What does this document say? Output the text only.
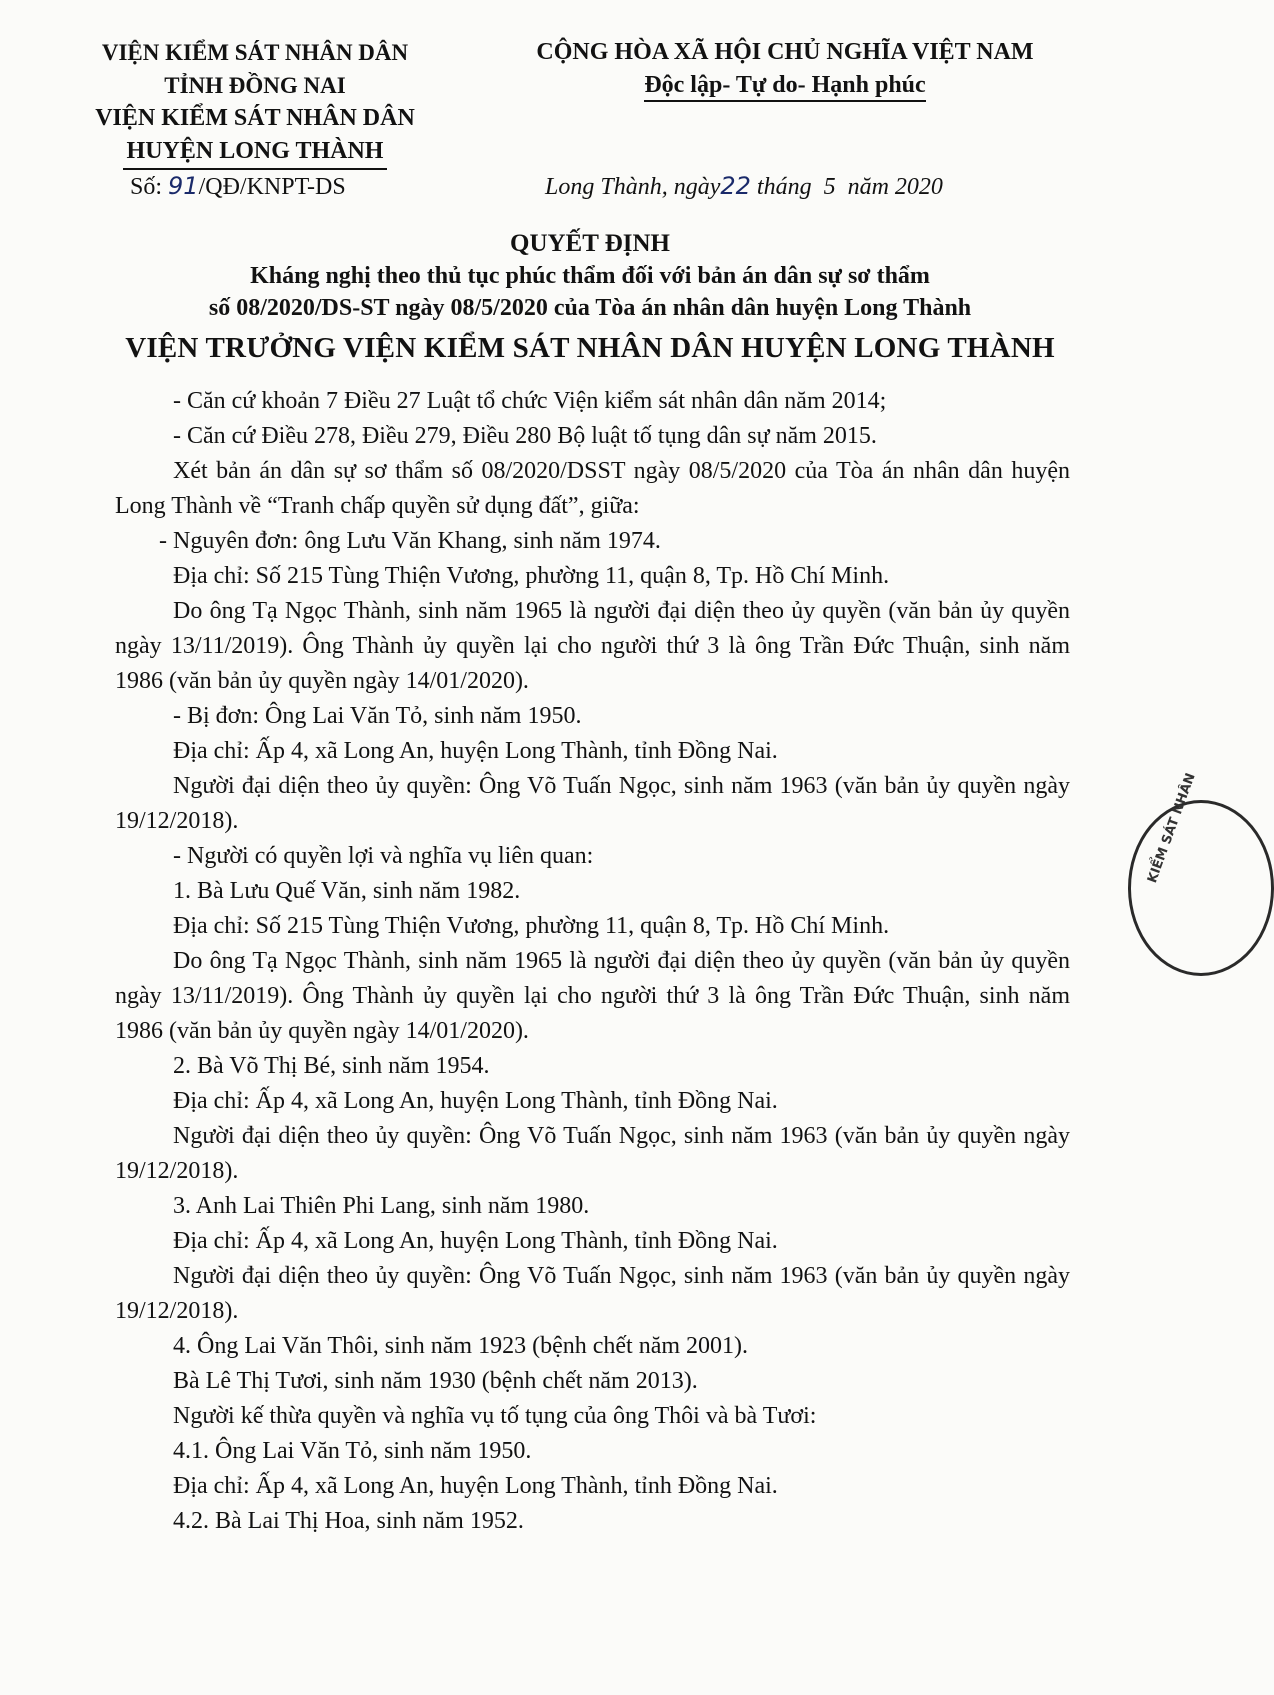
VIỆN KIỂM SÁT NHÂN DÂN
TỈNH ĐỒNG NAI
VIỆN KIỂM SÁT NHÂN DÂN
HUYỆN LONG THÀNH
CỘNG HÒA XÃ HỘI CHỦ NGHĨA VIỆT NAM
Độc lập- Tự do- Hạnh phúc
Số: 91/QĐ/KNPT-DS	Long Thành, ngày22 tháng 5 năm 2020
QUYẾT ĐỊNH
Kháng nghị theo thủ tục phúc thẩm đối với bản án dân sự sơ thẩm
số 08/2020/DS-ST ngày 08/5/2020 của Tòa án nhân dân huyện Long Thành
VIỆN TRƯỞNG VIỆN KIỂM SÁT NHÂN DÂN HUYỆN LONG THÀNH

- Căn cứ khoản 7 Điều 27 Luật tổ chức Viện kiểm sát nhân dân năm 2014;

- Căn cứ Điều 278, Điều 279, Điều 280 Bộ luật tố tụng dân sự năm 2015.

Xét bản án dân sự sơ thẩm số 08/2020/DSST ngày 08/5/2020 của Tòa án nhân dân huyện Long Thành về “Tranh chấp quyền sử dụng đất”, giữa:

- Nguyên đơn: ông Lưu Văn Khang, sinh năm 1974.

Địa chỉ: Số 215 Tùng Thiện Vương, phường 11, quận 8, Tp. Hồ Chí Minh.

Do ông Tạ Ngọc Thành, sinh năm 1965 là người đại diện theo ủy quyền (văn bản ủy quyền ngày 13/11/2019). Ông Thành ủy quyền lại cho người thứ 3 là ông Trần Đức Thuận, sinh năm 1986 (văn bản ủy quyền ngày 14/01/2020).

- Bị đơn: Ông Lai Văn Tỏ, sinh năm 1950.

Địa chỉ: Ấp 4, xã Long An, huyện Long Thành, tỉnh Đồng Nai.

Người đại diện theo ủy quyền: Ông Võ Tuấn Ngọc, sinh năm 1963 (văn bản ủy quyền ngày 19/12/2018).

- Người có quyền lợi và nghĩa vụ liên quan:

1. Bà Lưu Quế Văn, sinh năm 1982.

Địa chỉ: Số 215 Tùng Thiện Vương, phường 11, quận 8, Tp. Hồ Chí Minh.

Do ông Tạ Ngọc Thành, sinh năm 1965 là người đại diện theo ủy quyền (văn bản ủy quyền ngày 13/11/2019). Ông Thành ủy quyền lại cho người thứ 3 là ông Trần Đức Thuận, sinh năm 1986 (văn bản ủy quyền ngày 14/01/2020).

2. Bà Võ Thị Bé, sinh năm 1954.

Địa chỉ: Ấp 4, xã Long An, huyện Long Thành, tỉnh Đồng Nai.

Người đại diện theo ủy quyền: Ông Võ Tuấn Ngọc, sinh năm 1963 (văn bản ủy quyền ngày 19/12/2018).

3. Anh Lai Thiên Phi Lang, sinh năm 1980.

Địa chỉ: Ấp 4, xã Long An, huyện Long Thành, tỉnh Đồng Nai.

Người đại diện theo ủy quyền: Ông Võ Tuấn Ngọc, sinh năm 1963 (văn bản ủy quyền ngày 19/12/2018).

4. Ông Lai Văn Thôi, sinh năm 1923 (bệnh chết năm 2001).

Bà Lê Thị Tươi, sinh năm 1930 (bệnh chết năm 2013).

Người kế thừa quyền và nghĩa vụ tố tụng của ông Thôi và bà Tươi:

4.1. Ông Lai Văn Tỏ, sinh năm 1950.

Địa chỉ: Ấp 4, xã Long An, huyện Long Thành, tỉnh Đồng Nai.

4.2. Bà Lai Thị Hoa, sinh năm 1952.

KIỂM SÁT NHÂN
